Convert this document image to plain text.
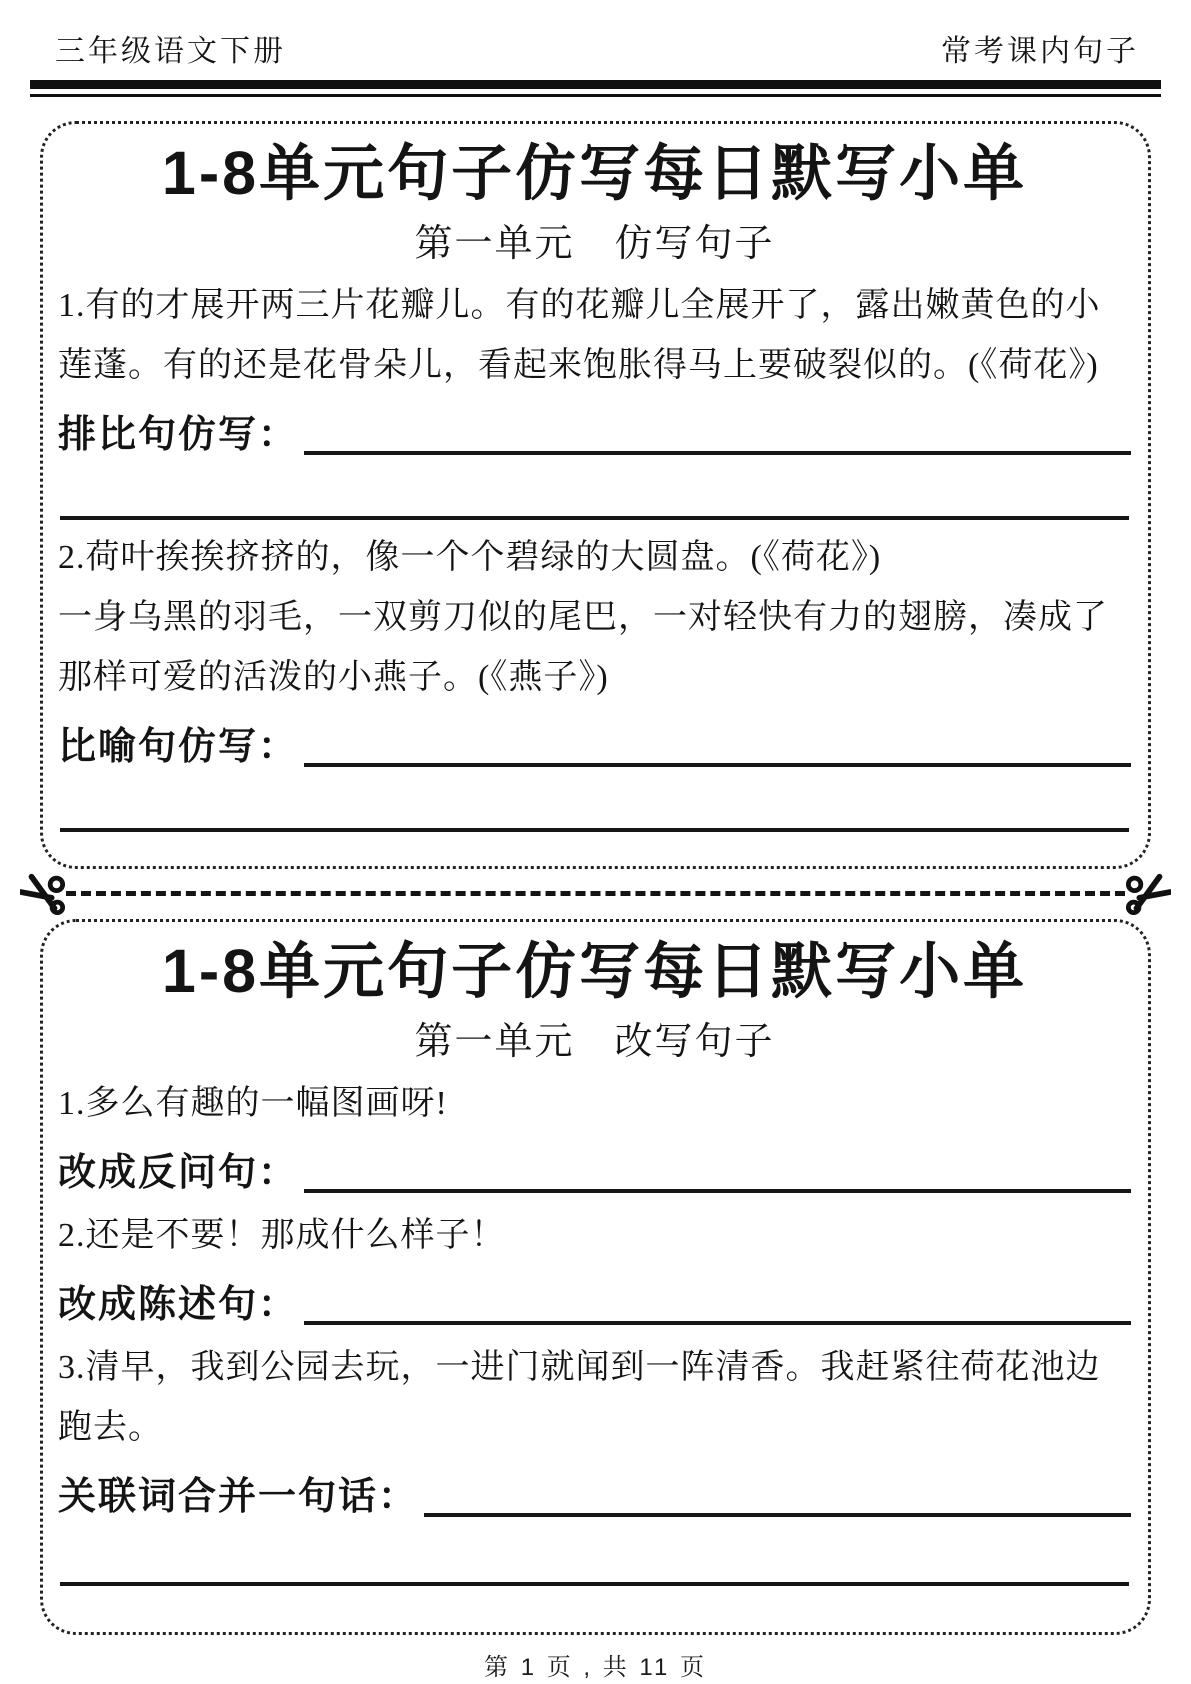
三年级语文下册	常考课内句子
1-8单元句子仿写每日默写小单
第一单元　仿写句子
1.有的才展开两三片花瓣儿。有的花瓣儿全展开了，露出嫩黄色的小莲蓬。有的还是花骨朵儿，看起来饱胀得马上要破裂似的。(《荷花》)
排比句仿写：
2.荷叶挨挨挤挤的，像一个个碧绿的大圆盘。(《荷花》)
一身乌黑的羽毛，一双剪刀似的尾巴，一对轻快有力的翅膀，凑成了那样可爱的活泼的小燕子。(《燕子》)
比喻句仿写：
1-8单元句子仿写每日默写小单
第一单元　改写句子
1.多么有趣的一幅图画呀!
改成反问句：
2.还是不要！那成什么样子！
改成陈述句：
3.清早，我到公园去玩，一进门就闻到一阵清香。我赶紧往荷花池边跑去。
关联词合并一句话：
第 1 页 , 共 11 页
